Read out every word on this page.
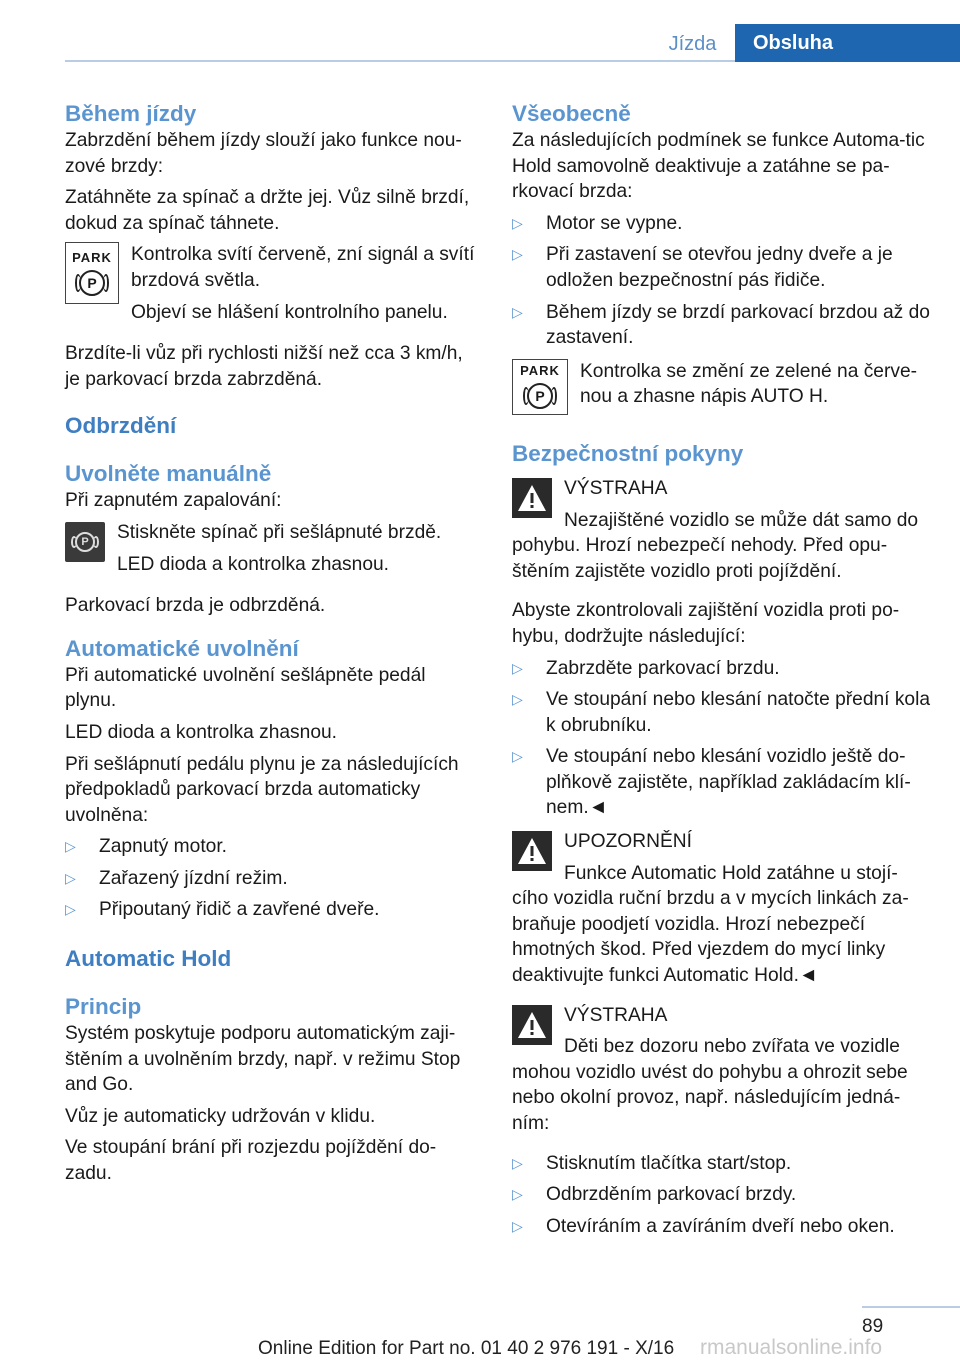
Jízda	Obsluha
Během jízdy

Zabrzdění během jízdy slouží jako funkce nou-zové brzdy:

Zatáhněte za spínač a držte jej. Vůz silně brzdí, dokud za spínač táhnete.

PARK
P

Kontrolka svítí červeně, zní signál a svítí brzdová světla.

Objeví se hlášení kontrolního panelu.

Brzdíte-li vůz při rychlosti nižší než cca 3 km/h, je parkovací brzda zabrzděná.

Odbrzdění
Uvolněte manuálně

Při zapnutém zapalování:

P Stiskněte spínač při sešlápnuté brzdě.

LED dioda a kontrolka zhasnou.

Parkovací brzda je odbrzděná.

Automatické uvolnění

Při automatické uvolnění sešlápněte pedál plynu.

LED dioda a kontrolka zhasnou.

Při sešlápnutí pedálu plynu je za následujících předpokladů parkovací brzda automaticky uvolněna:

▷ Zapnutý motor.
▷ Zařazený jízdní režim.
▷ Připoutaný řidič a zavřené dveře.
Automatic Hold
Princip

Systém poskytuje podporu automatickým zaji-štěním a uvolněním brzdy, např. v režimu Stop and Go.

Vůz je automaticky udržován v klidu.

Ve stoupání brání při rozjezdu pojíždění do-zadu.

Všeobecně

Za následujících podmínek se funkce Automa-tic Hold samovolně deaktivuje a zatáhne se pa-rkovací brzda:

▷ Motor se vypne.
▷ Při zastavení se otevřou jedny dveře a je odložen bezpečnostní pás řidiče.
▷ Během jízdy se brzdí parkovací brzdou až do zastavení.
PARK
P

Kontrolka se změní ze zelené na červe-nou a zhasne nápis AUTO H.

Bezpečnostní pokyny
VÝSTRAHA

Nezajištěné vozidlo se může dát samo do pohybu. Hrozí nebezpečí nehody. Před opu-štěním zajistěte vozidlo proti pojíždění.

Abyste zkontrolovali zajištění vozidla proti po-hybu, dodržujte následující:

▷ Zabrzděte parkovací brzdu.
▷ Ve stoupání nebo klesání natočte přední kola k obrubníku.
▷ Ve stoupání nebo klesání vozidlo ještě do-plňkově zajistěte, například zakládacím klí-nem.◄
UPOZORNĚNÍ

Funkce Automatic Hold zatáhne u stojí-cího vozidla ruční brzdu a v mycích linkách za-braňuje poodjetí vozidla. Hrozí nebezpečí hmotných škod. Před vjezdem do mycí linky deaktivujte funkci Automatic Hold.◄

VÝSTRAHA

Děti bez dozoru nebo zvířata ve vozidle mohou vozidlo uvést do pohybu a ohrozit sebe nebo okolní provoz, např. následujícím jedná-ním:

▷ Stisknutím tlačítka start/stop.
▷ Odbrzděním parkovací brzdy.
▷ Otevíráním a zavíráním dveří nebo oken.
89
Online Edition for Part no. 01 40 2 976 191 - X/16 rmanualsonline.info
